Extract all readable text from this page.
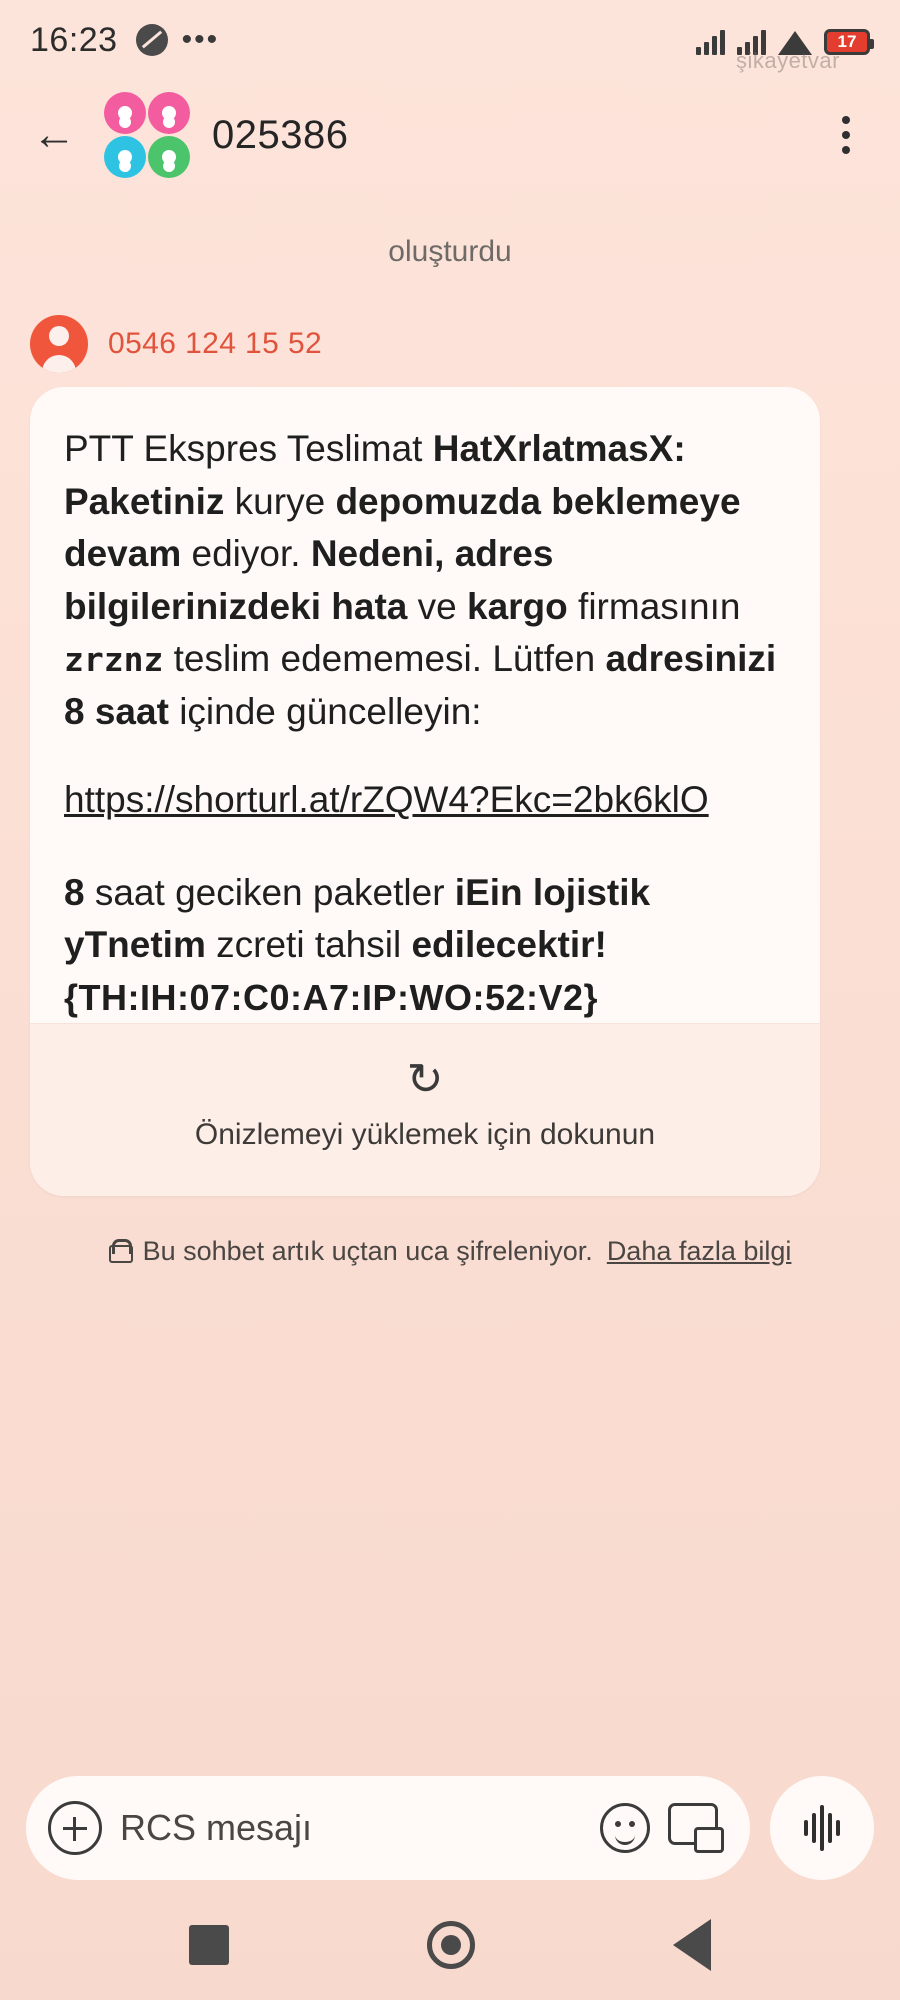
16:23 •••	17
şikayetvar
←	025386

oluşturdu
0546 124 15 52
PTT Ekspres Teslimat HatXrlatmasX: Paketiniz kurye depomuzda beklemeye devam ediyor. Nedeni, adres bilgilerinizdeki hata ve kargo firmasının zrznz teslim edememesi. Lütfen adresinizi 8 saat içinde güncelleyin:
https://shorturl.at/rZQW4?Ekc=2bk6klO
8 saat geciken paketler iEin lojistik yTnetim zcreti tahsil edilecektir!
{TH:IH:07:C0:A7:IP:WO:52:V2}
↻
Önizlemeyi yüklemek için dokunun
Bu sohbet artık uçtan uca şifreleniyor. Daha fazla bilgi
RCS mesajı
